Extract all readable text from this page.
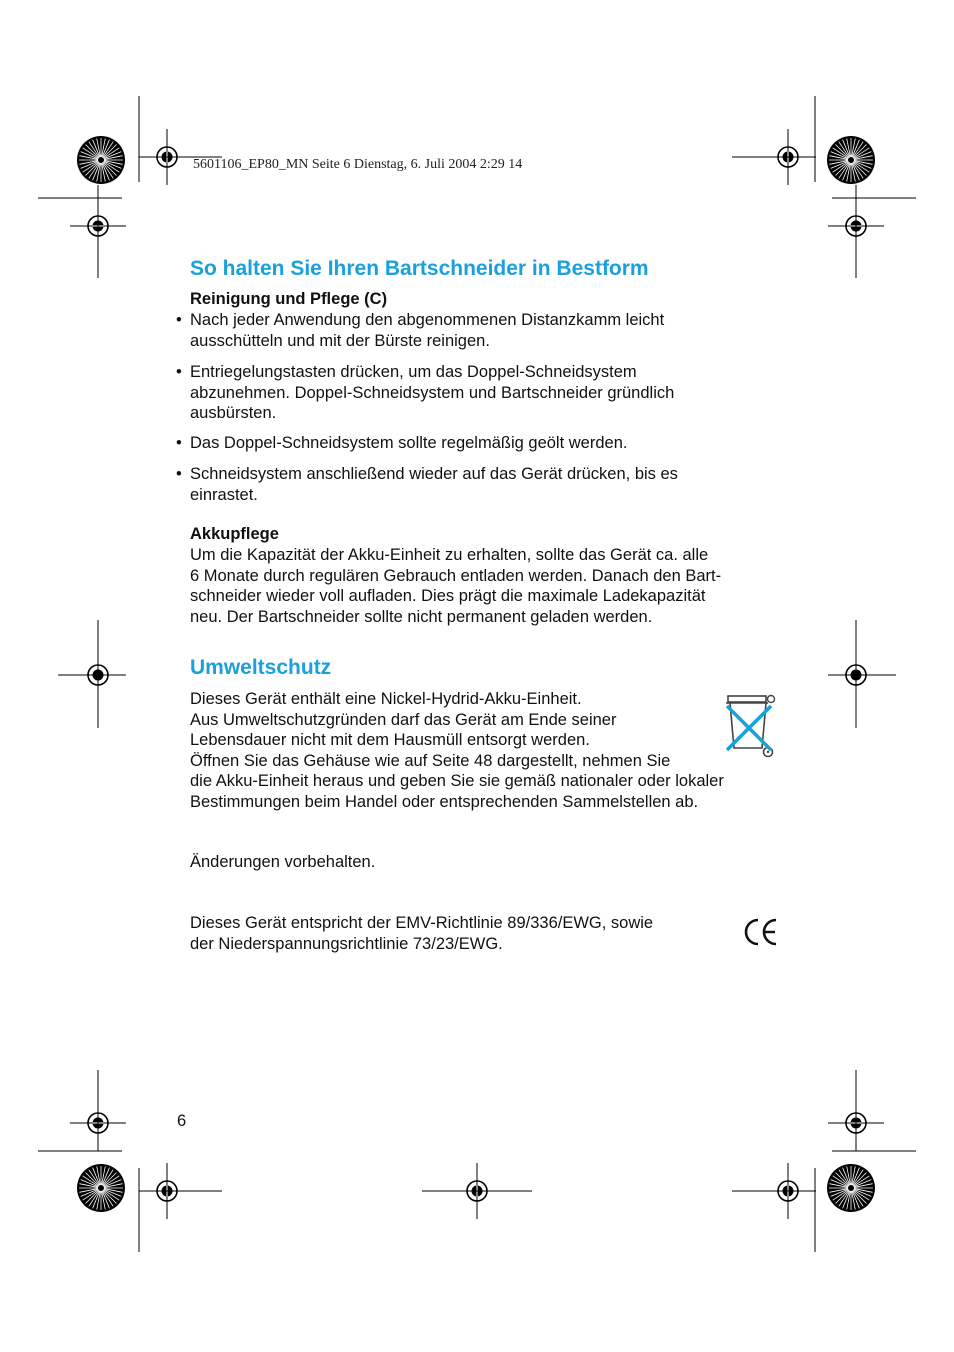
5601106_EP80_MN Seite 6 Dienstag, 6. Juli 2004 2:29 14
So halten Sie Ihren Bartschneider in Bestform
Reinigung und Pflege (C)
• Nach jeder Anwendung den abgenommenen Distanzkamm leicht
ausschütteln und mit der Bürste reinigen.
• Entriegelungstasten drücken, um das Doppel-Schneidsystem
abzunehmen. Doppel-Schneidsystem und Bartschneider gründlich
ausbürsten.
• Das Doppel-Schneidsystem sollte regelmäßig geölt werden.
• Schneidsystem anschließend wieder auf das Gerät drücken, bis es
einrastet.
Akkupflege
Um die Kapazität der Akku-Einheit zu erhalten, sollte das Gerät ca. alle
6 Monate durch regulären Gebrauch entladen werden. Danach den Bart-
schneider wieder voll aufladen. Dies prägt die maximale Ladekapazität
neu. Der Bartschneider sollte nicht permanent geladen werden.
Umweltschutz
Dieses Gerät enthält eine Nickel-Hydrid-Akku-Einheit.
Aus Umweltschutzgründen darf das Gerät am Ende seiner
Lebensdauer nicht mit dem Hausmüll entsorgt werden.
Öffnen Sie das Gehäuse wie auf Seite 48 dargestellt, nehmen Sie
die Akku-Einheit heraus und geben Sie sie gemäß nationaler oder lokaler
Bestimmungen beim Handel oder entsprechenden Sammelstellen ab.
Änderungen vorbehalten.
Dieses Gerät entspricht der EMV-Richtlinie 89/336/EWG, sowie
der Niederspannungsrichtlinie 73/23/EWG.
6
